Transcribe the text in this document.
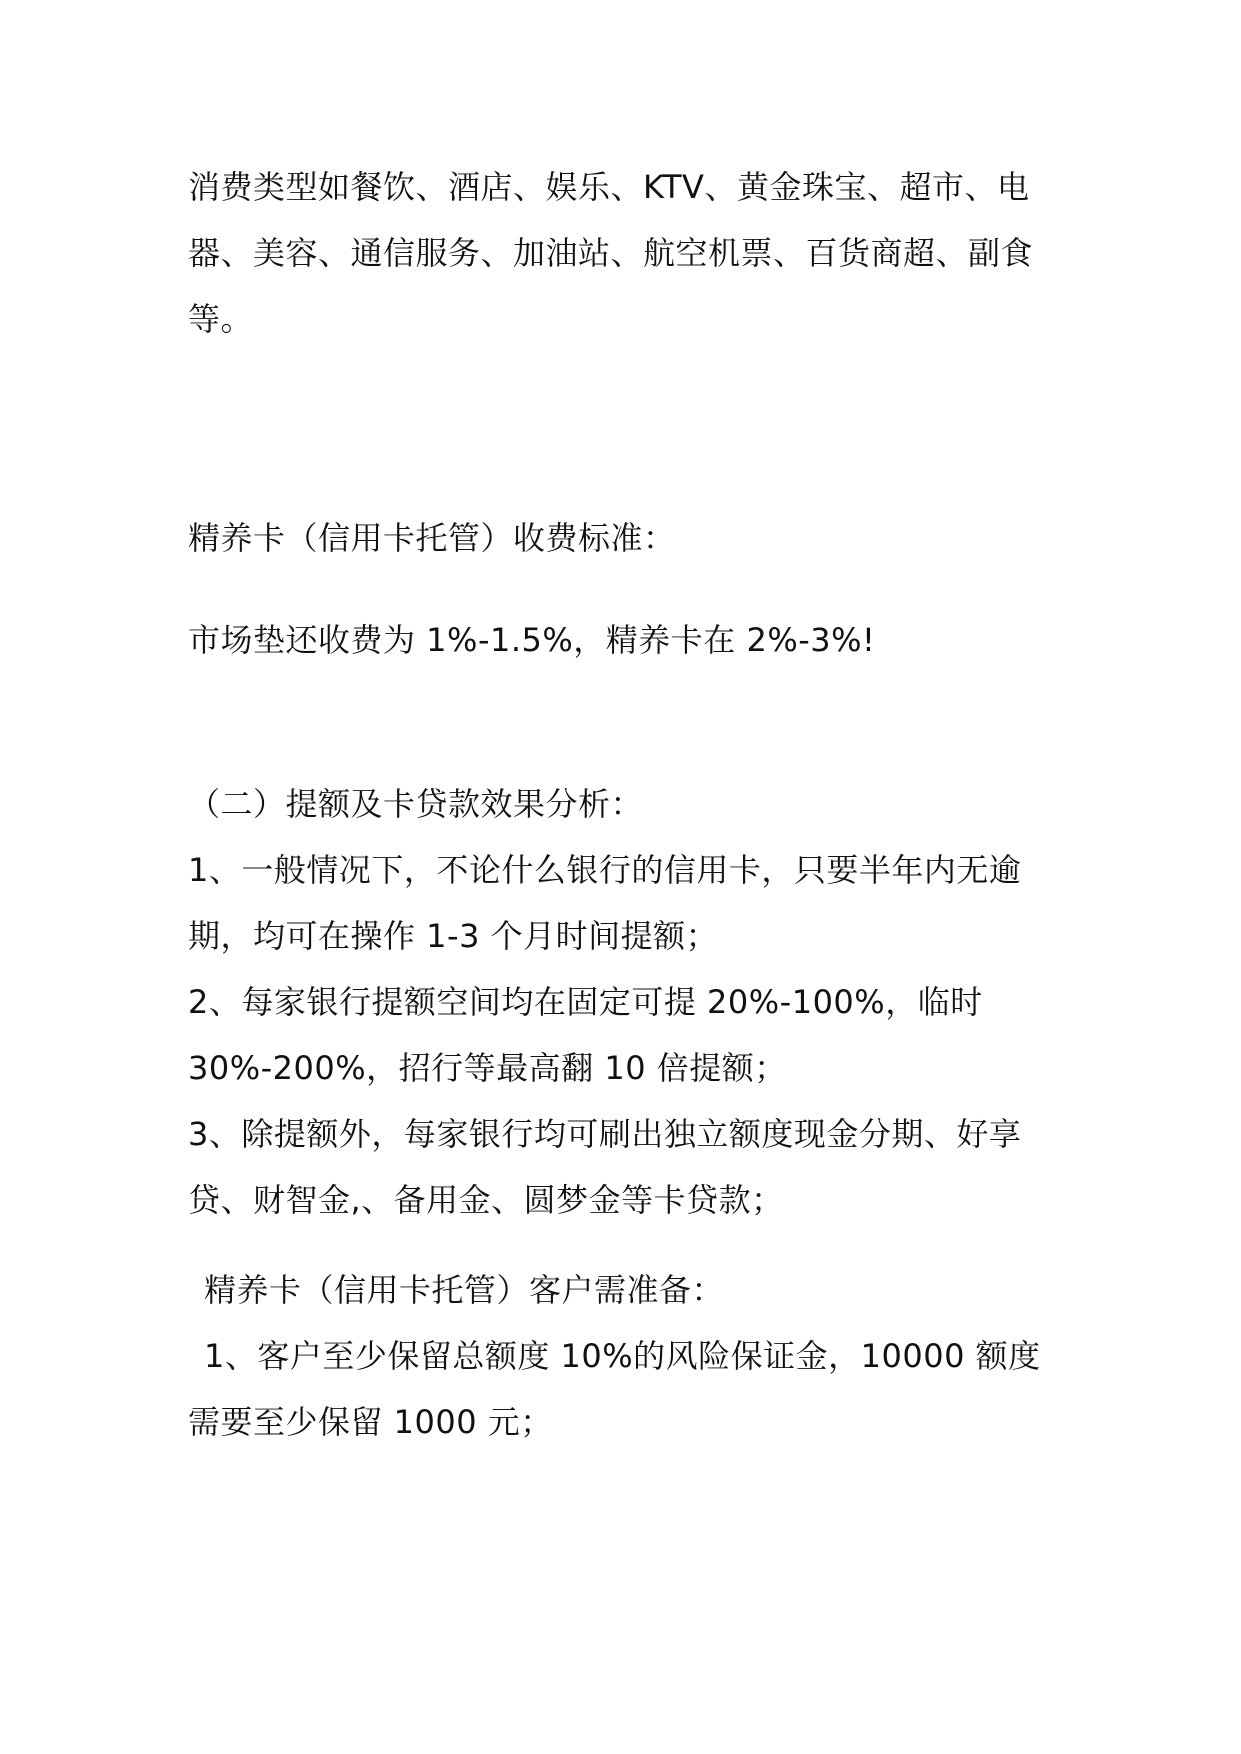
消费类型如餐饮、酒店、娱乐、KTV、黄金珠宝、超市、电
器、美容、通信服务、加油站、航空机票、百货商超、副食
等。
精养卡（信用卡托管）收费标准：
市场垫还收费为 1%-1.5%，精养卡在 2%-3%!
（二）提额及卡贷款效果分析：
1、一般情况下，不论什么银行的信用卡，只要半年内无逾
期，均可在操作 1-3 个月时间提额；
2、每家银行提额空间均在固定可提 20%-100%，临时
30%-200%，招行等最高翻 10 倍提额；
3、除提额外，每家银行均可刷出独立额度现金分期、好享
贷、财智金,、备用金、圆梦金等卡贷款；
精养卡（信用卡托管）客户需准备：
1、客户至少保留总额度 10%的风险保证金，10000 额度
需要至少保留 1000 元；
